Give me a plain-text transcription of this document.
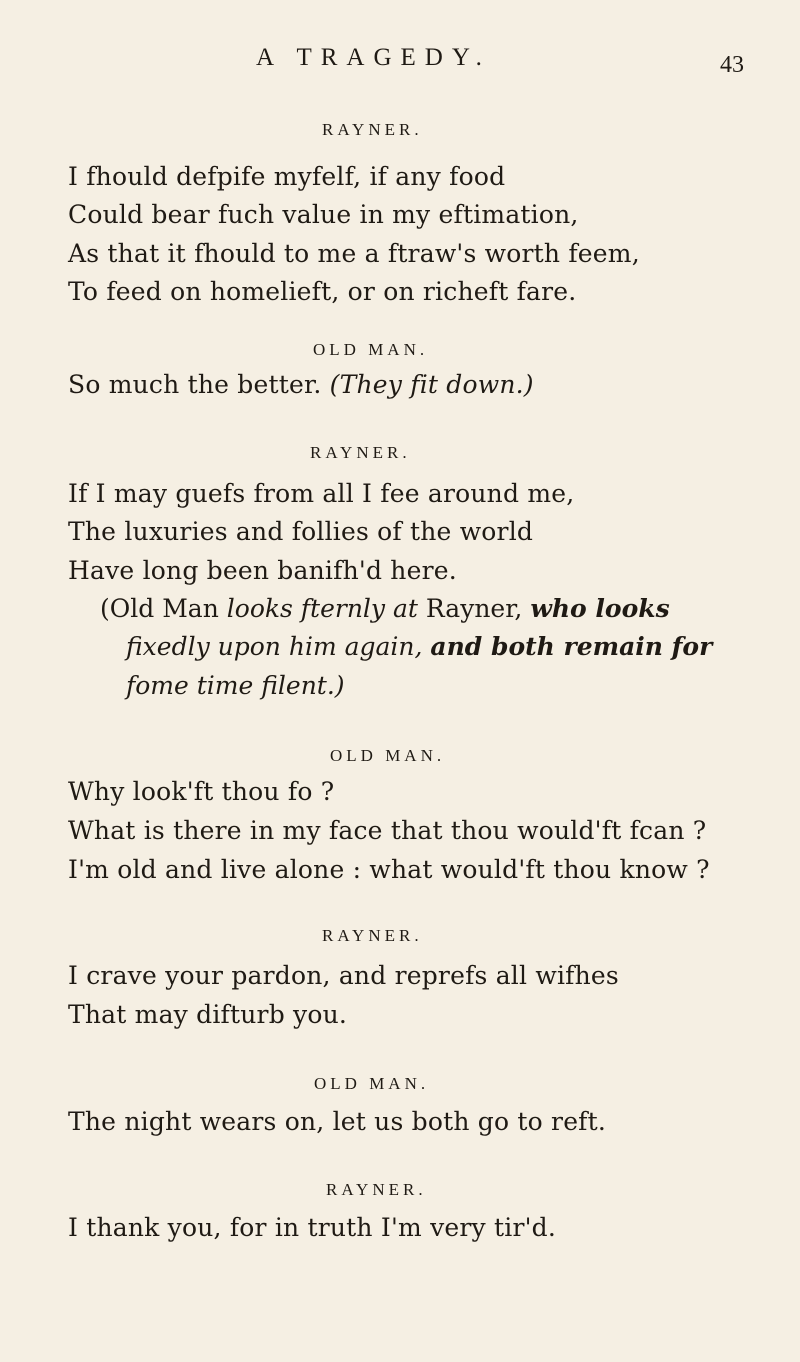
A TRAGEDY.	43
RAYNER.
I fhould defpife myfelf, if any food
Could bear fuch value in my eftimation,
As that it fhould to me a ftraw's worth feem,
To feed on homelieft, or on richeft fare.
OLD MAN.
So much the better. (They fit down.)
RAYNER.
If I may guefs from all I fee around me,
The luxuries and follies of the world
Have long been banifh'd here.
(Old Man looks fternly at Rayner, who looks
fixedly upon him again, and both remain for
fome time filent.)
OLD MAN.
Why look'ft thou fo ?
What is there in my face that thou would'ft fcan ?
I'm old and live alone : what would'ft thou know ?
RAYNER.
I crave your pardon, and reprefs all wifhes
That may difturb you.
OLD MAN.
The night wears on, let us both go to reft.
RAYNER.
I thank you, for in truth I'm very tir'd.
